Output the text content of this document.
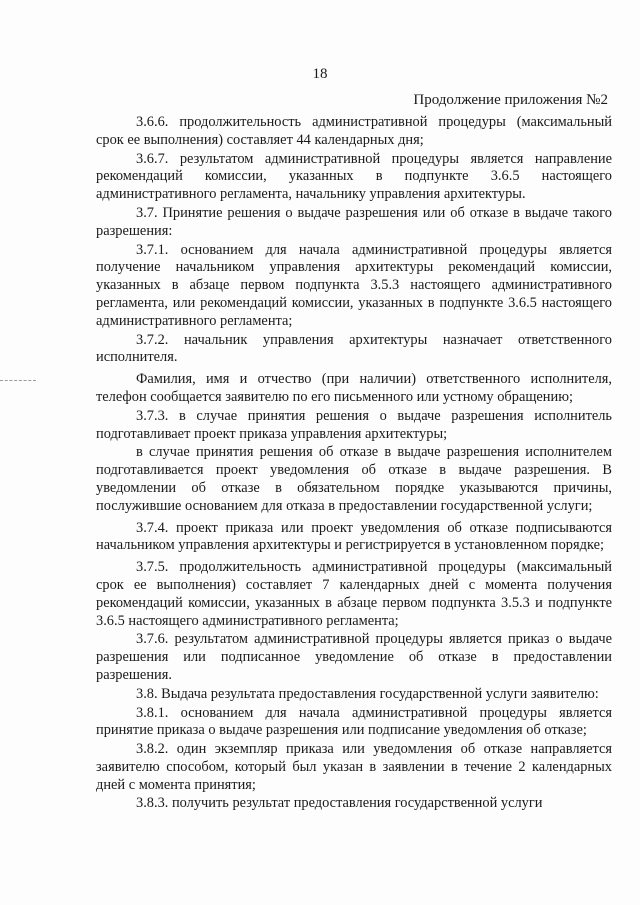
18
Продолжение приложения №2

3.6.6. продолжительность административной процедуры (максимальный срок ее выполнения) составляет 44 календарных дня;

3.6.7. результатом административной процедуры является направление рекомендаций комиссии, указанных в подпункте 3.6.5 настоящего административного регламента, начальнику управления архитектуры.

3.7. Принятие решения о выдаче разрешения или об отказе в выдаче такого разрешения:

3.7.1. основанием для начала административной процедуры является получение начальником управления архитектуры рекомендаций комиссии, указанных в абзаце первом подпункта 3.5.3 настоящего административного регламента, или рекомендаций комиссии, указанных в подпункте 3.6.5 настоящего административного регламента;

3.7.2. начальник управления архитектуры назначает ответственного исполнителя.

Фамилия, имя и отчество (при наличии) ответственного исполнителя, телефон сообщается заявителю по его письменного или устному обращению;

3.7.3. в случае принятия решения о выдаче разрешения исполнитель подготавливает проект приказа управления архитектуры;

в случае принятия решения об отказе в выдаче разрешения исполнителем подготавливается проект уведомления об отказе в выдаче разрешения. В уведомлении об отказе в обязательном порядке указываются причины, послужившие основанием для отказа в предоставлении государственной услуги;

3.7.4. проект приказа или проект уведомления об отказе подписываются начальником управления архитектуры и регистрируется в установленном порядке;

3.7.5. продолжительность административной процедуры (максимальный срок ее выполнения) составляет 7 календарных дней с момента получения рекомендаций комиссии, указанных в абзаце первом подпункта 3.5.3 и подпункте 3.6.5 настоящего административного регламента;

3.7.6. результатом административной процедуры является приказ о выдаче разрешения или подписанное уведомление об отказе в предоставлении разрешения.

3.8. Выдача результата предоставления государственной услуги заявителю:

3.8.1. основанием для начала административной процедуры является принятие приказа о выдаче разрешения или подписание уведомления об отказе;

3.8.2. один экземпляр приказа или уведомления об отказе направляется заявителю способом, который был указан в заявлении в течение 2 календарных дней с момента принятия;

3.8.3. получить результат предоставления государственной услуги
